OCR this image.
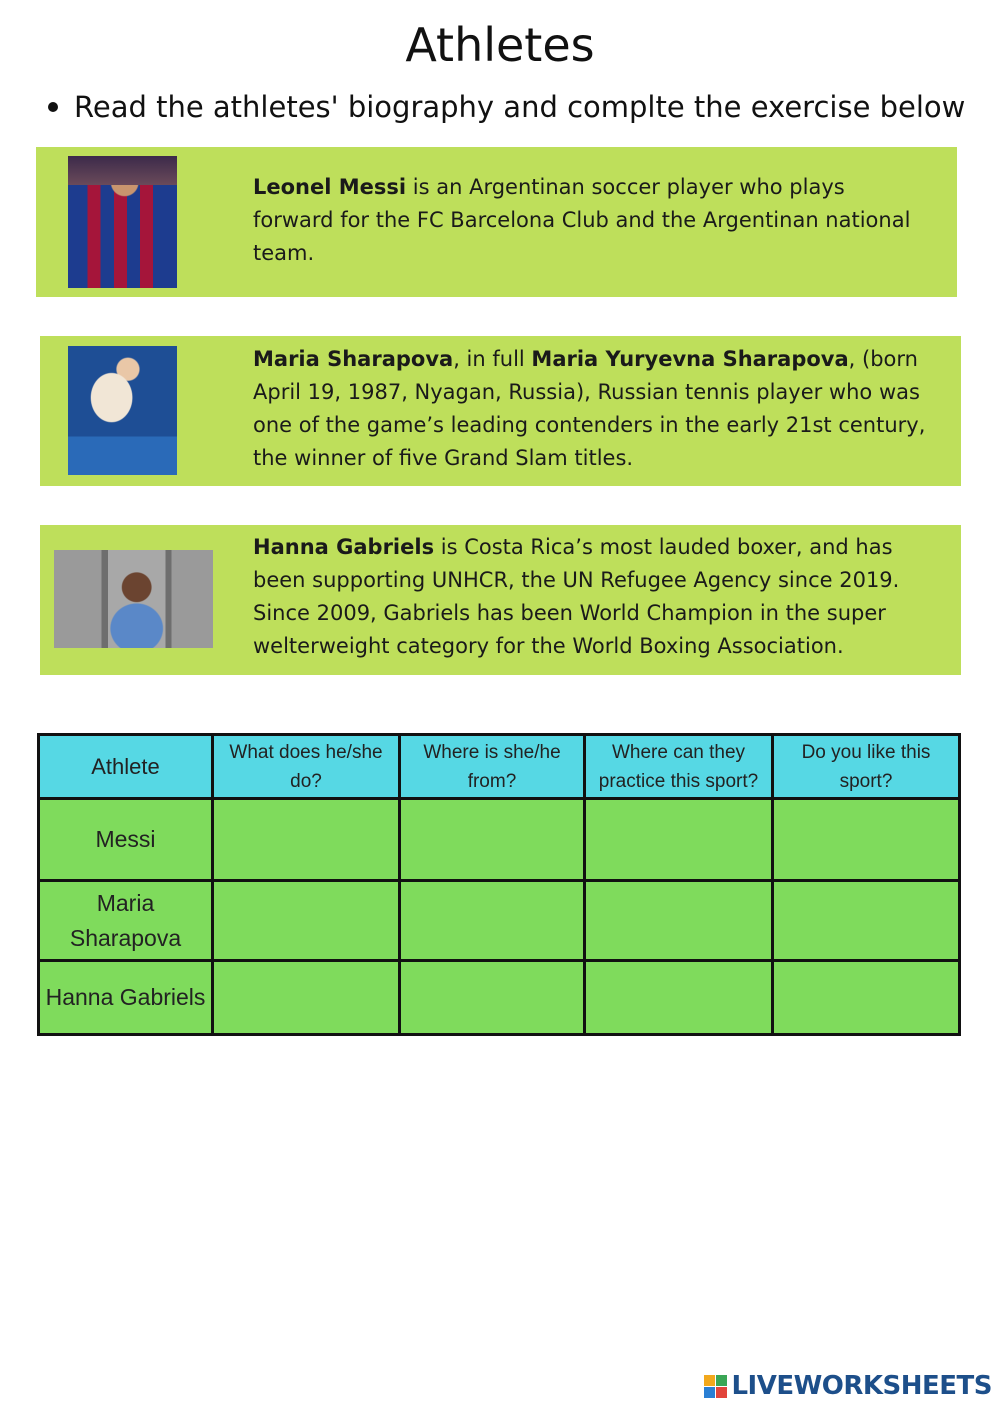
Athletes
Read the athletes' biography and complte the exercise below
Leonel Messi is an Argentinan soccer player who plays forward for the FC Barcelona Club and the Argentinan national team.
Maria Sharapova, in full Maria Yuryevna Sharapova, (born April 19, 1987, Nyagan, Russia), Russian tennis player who was one of the game’s leading contenders in the early 21st century, the winner of five Grand Slam titles.
Hanna Gabriels is Costa Rica’s most lauded boxer, and has been supporting UNHCR, the UN Refugee Agency since 2019. Since 2009, Gabriels has been World Champion in the super welterweight category for the World Boxing Association.
Athlete	What does he/she do?	Where is she/he from?	Where can they practice this sport?	Do you like this sport?
Messi				
Maria Sharapova				
Hanna Gabriels				
LIVEWORKSHEETS
